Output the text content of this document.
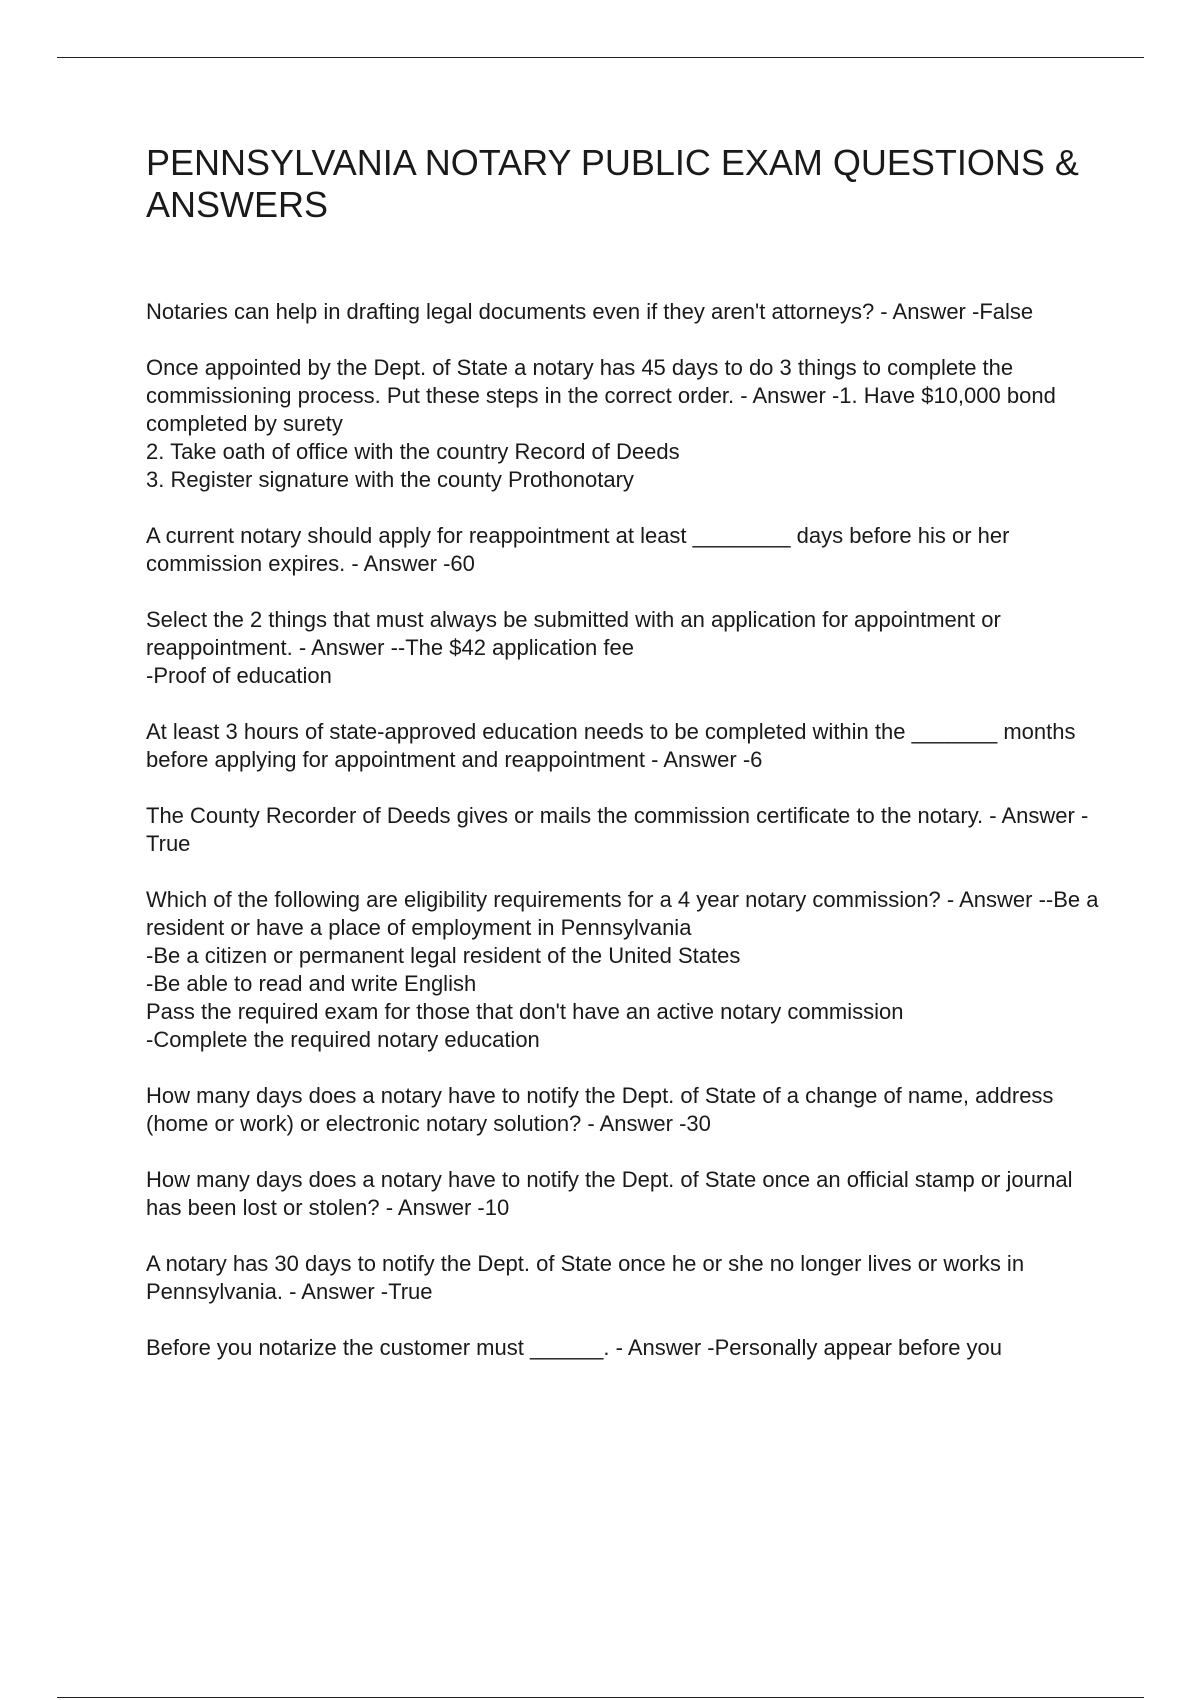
PENNSYLVANIA NOTARY PUBLIC EXAM QUESTIONS & ANSWERS
Notaries can help in drafting legal documents even if they aren't attorneys? - Answer -False
Once appointed by the Dept. of State a notary has 45 days to do 3 things to complete the commissioning process. Put these steps in the correct order. - Answer -1. Have $10,000 bond completed by surety
2. Take oath of office with the country Record of Deeds
3. Register signature with the county Prothonotary
A current notary should apply for reappointment at least ________ days before his or her commission expires. - Answer -60
Select the 2 things that must always be submitted with an application for appointment or reappointment. - Answer --The $42 application fee
-Proof of education
At least 3 hours of state-approved education needs to be completed within the _______ months before applying for appointment and reappointment - Answer -6
The County Recorder of Deeds gives or mails the commission certificate to the notary. - Answer -True
Which of the following are eligibility requirements for a 4 year notary commission? - Answer --Be a resident or have a place of employment in Pennsylvania
-Be a citizen or permanent legal resident of the United States
-Be able to read and write English
Pass the required exam for those that don't have an active notary commission
-Complete the required notary education
How many days does a notary have to notify the Dept. of State of a change of name, address (home or work) or electronic notary solution? - Answer -30
How many days does a notary have to notify the Dept. of State once an official stamp or journal has been lost or stolen? - Answer -10
A notary has 30 days to notify the Dept. of State once he or she no longer lives or works in Pennsylvania. - Answer -True
Before you notarize the customer must ______. - Answer -Personally appear before you
